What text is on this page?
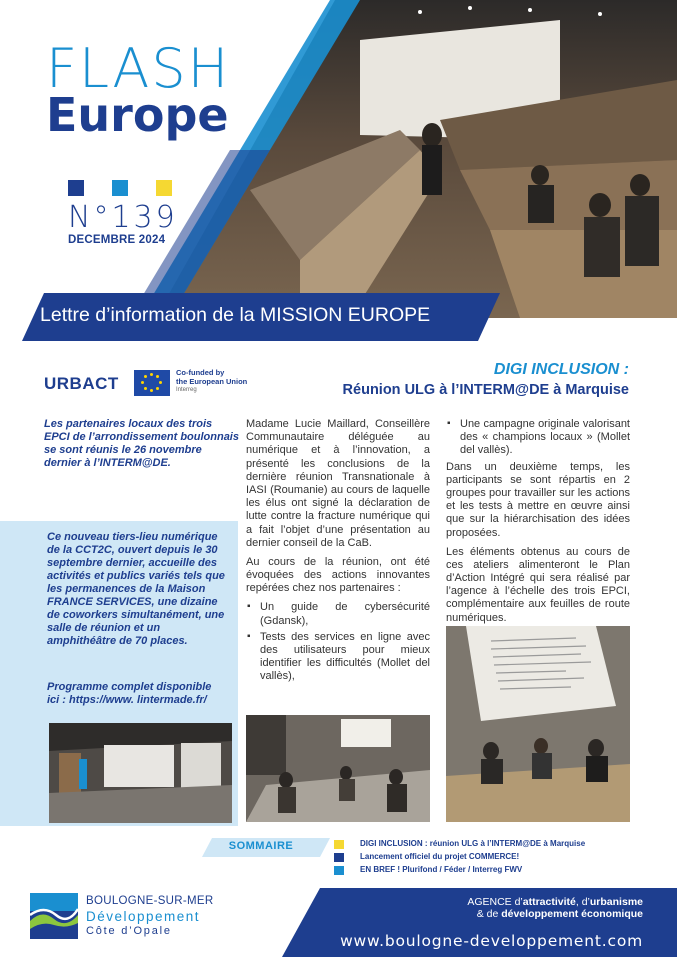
FLASH
Europe
N°139
DECEMBRE 2024
Lettre d’information de la MISSION EUROPE
URBACT
Co-funded by
the European Union
Interreg
DIGI INCLUSION :
Réunion ULG à l’INTERM@DE à Marquise
Les partenaires locaux des trois EPCI de l’arrondissement boulonnais se sont réunis le 26 novembre dernier à l’INTERM@DE.
Ce nouveau tiers-lieu numérique de la CCT2C, ouvert depuis le 30 septembre dernier, accueille des activités et publics variés tels que les permanences de la Maison FRANCE SERVICES, une dizaine de coworkers simultanément, une salle de réunion et un amphithéâtre de 70 places.
Programme complet disponible ici : https://www. lintermade.fr/

Madame Lucie Maillard, Conseillère Communautaire déléguée au numérique et à l’innovation, a présenté les conclusions de la dernière réunion Transnationale à IASI (Roumanie) au cours de laquelle les élus ont signé la déclaration de lutte contre la fracture numérique qui a fait l’objet d’une présentation au dernier conseil de la CaB.

Au cours de la réunion, ont été évoquées des actions innovantes repérées chez nos partenaires :

▪ Un guide de cybersécurité (Gdansk),
▪ Tests des services en ligne avec des utilisateurs pour mieux identifier les difficultés (Mollet del vallès),
▪ Une campagne originale valorisant des « champions locaux » (Mollet del vallès).

Dans un deuxième temps, les participants se sont répartis en 2 groupes pour travailler sur les actions et les tests à mettre en œuvre ainsi que sur la hiérarchisation des idées proposées.

Les éléments obtenus au cours de ces ateliers alimenteront le Plan d’Action Intégré qui sera réalisé par l’agence à l’échelle des trois EPCI, complémentaire aux feuilles de route numériques.

SOMMAIRE	DIGI INCLUSION : réunion ULG à l’INTERM@DE à Marquise
Lancement officiel du projet COMMERCE!
EN BREF ! Plurifond / Féder / Interreg FWV
BOULOGNE-SUR-MER
Développement
Côte d’Opale
AGENCE d’attractivité, d’urbanisme
& de développement économique
www.boulogne-developpement.com
